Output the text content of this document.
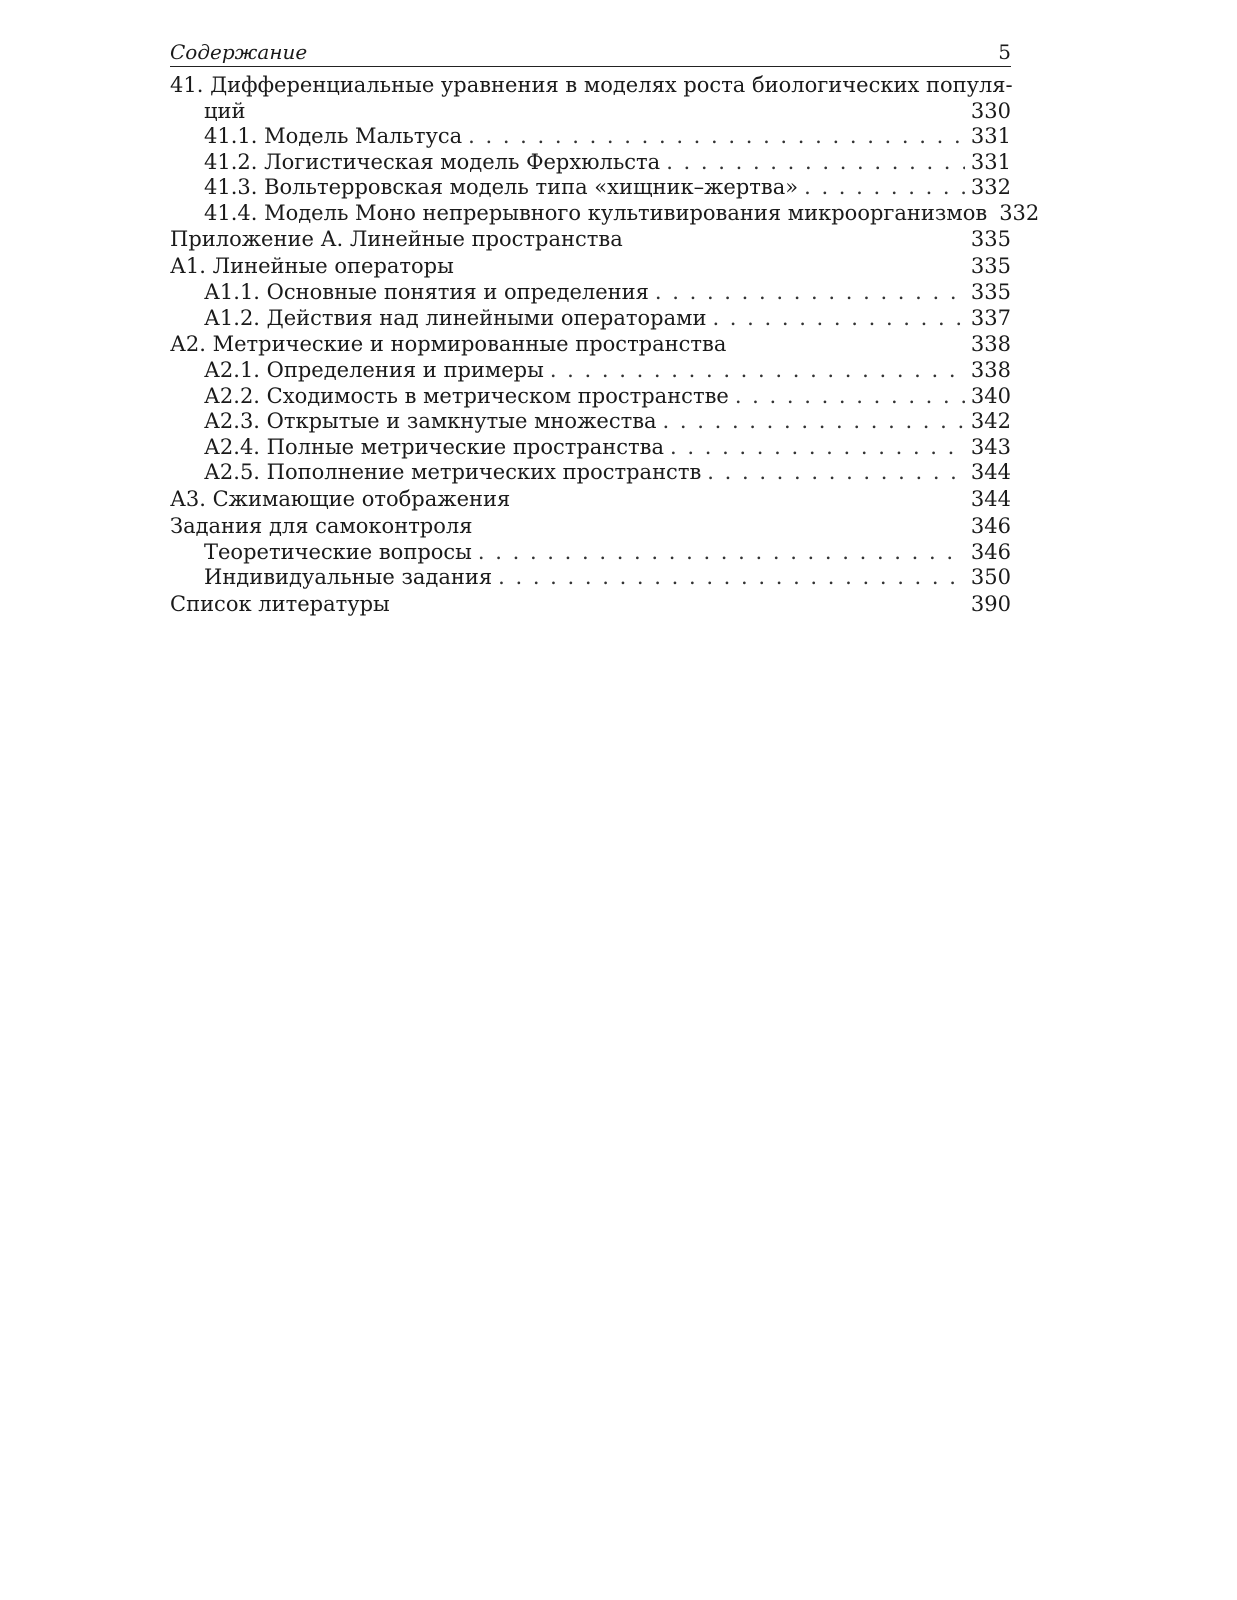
Содержание	5
41. Дифференциальные уравнения в моделях роста биологических популя-
ций	330
41.1. Модель Мальтуса . . .	331
41.2. Логистическая модель Ферхюльста . . .	331
41.3. Вольтерровская модель типа «хищник–жертва» . . .	332
41.4. Модель Моно непрерывного культивирования микроорганизмов 332
Приложение А. Линейные пространства	335
А1. Линейные операторы	335
А1.1. Основные понятия и определения . . .	335
А1.2. Действия над линейными операторами . . .	337
А2. Метрические и нормированные пространства	338
А2.1. Определения и примеры . . .	338
А2.2. Сходимость в метрическом пространстве . . .	340
А2.3. Открытые и замкнутые множества . . .	342
А2.4. Полные метрические пространства . . .	343
А2.5. Пополнение метрических пространств . . .	344
А3. Сжимающие отображения	344
Задания для самоконтроля	346
Теоретические вопросы . . .	346
Индивидуальные задания . . .	350
Список литературы	390
